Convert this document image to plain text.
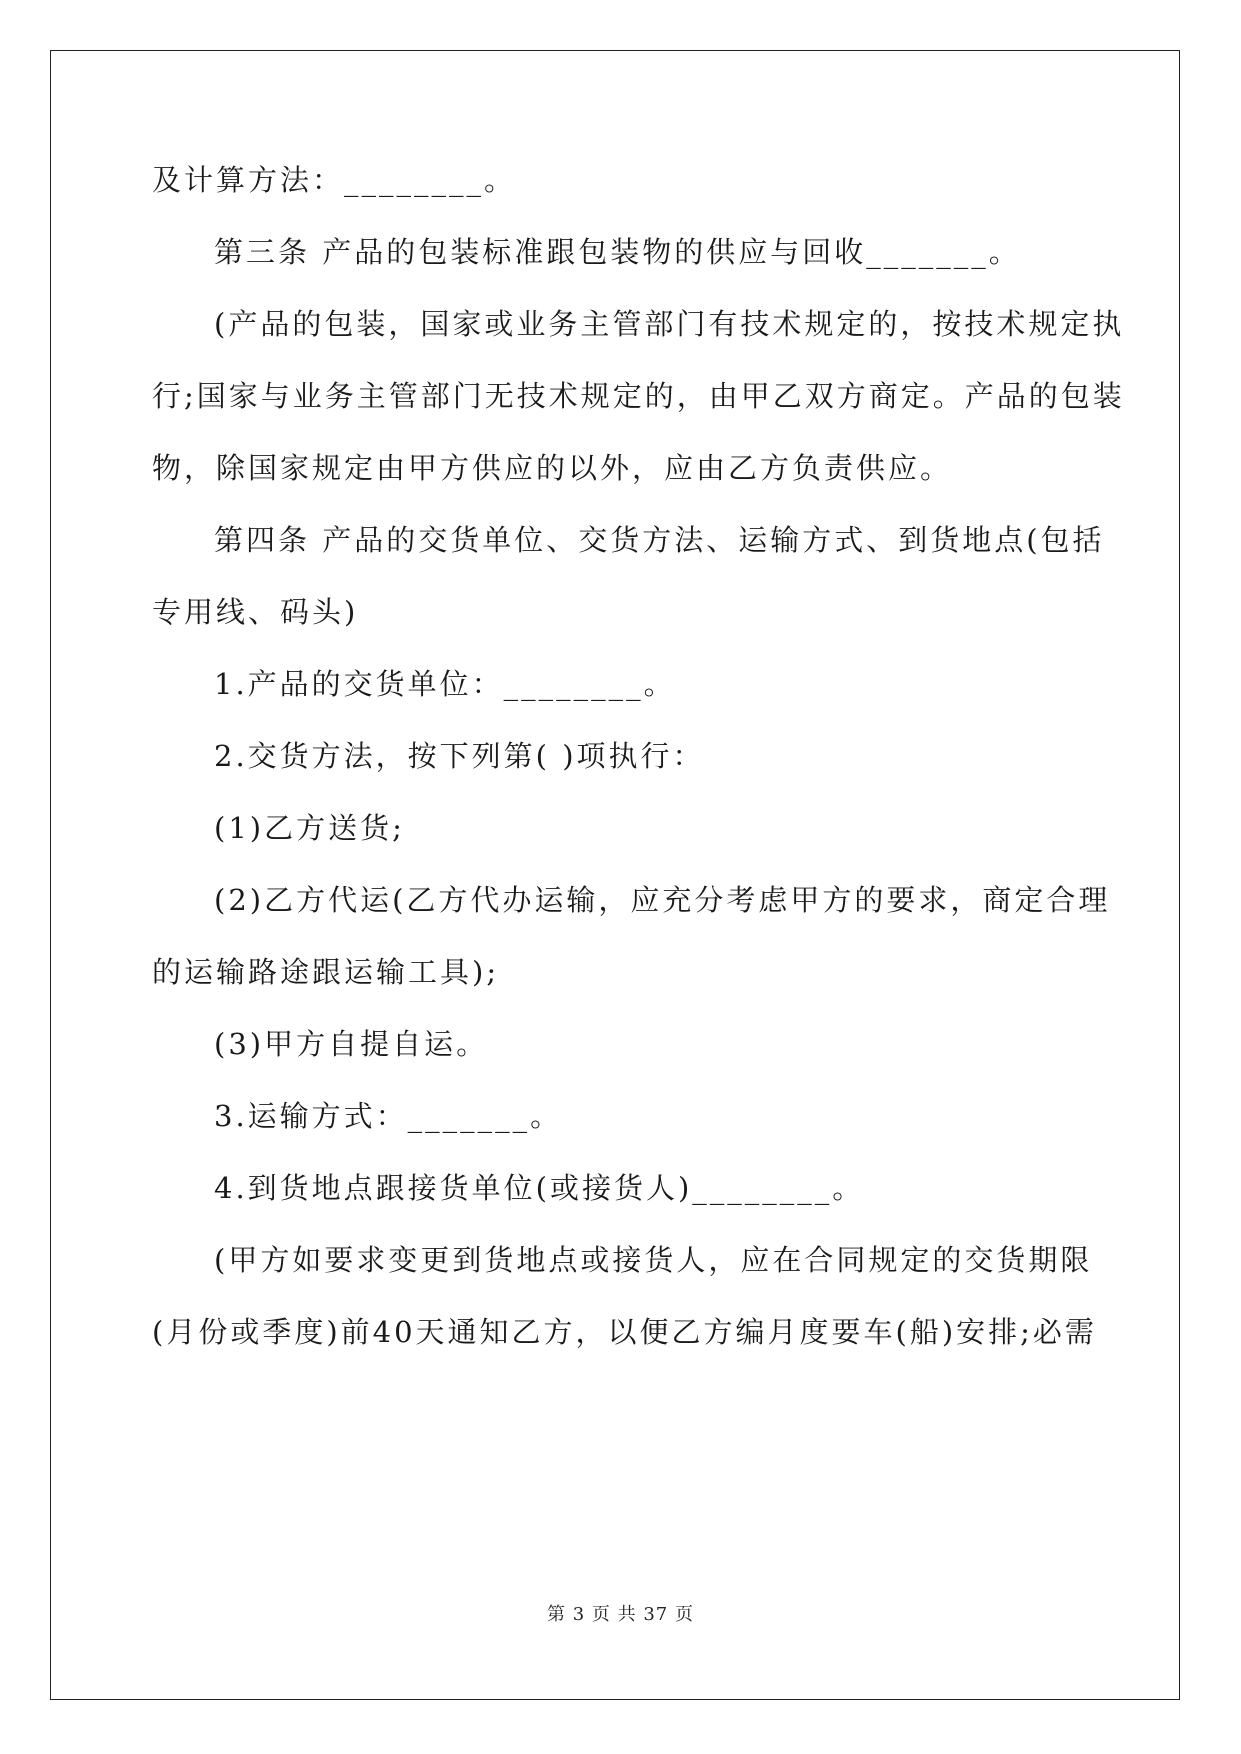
及计算方法：________。
第三条 产品的包装标准跟包装物的供应与回收_______。
(产品的包装，国家或业务主管部门有技术规定的，按技术规定执
行;国家与业务主管部门无技术规定的，由甲乙双方商定。产品的包装
物，除国家规定由甲方供应的以外，应由乙方负责供应。
第四条 产品的交货单位、交货方法、运输方式、到货地点(包括
专用线、码头)
1.产品的交货单位：________。
2.交货方法，按下列第( )项执行：
(1)乙方送货;
(2)乙方代运(乙方代办运输，应充分考虑甲方的要求，商定合理
的运输路途跟运输工具);
(3)甲方自提自运。
3.运输方式：_______。
4.到货地点跟接货单位(或接货人)________。
(甲方如要求变更到货地点或接货人，应在合同规定的交货期限
(月份或季度)前40天通知乙方，以便乙方编月度要车(船)安排;必需
第 3 页 共 37 页
